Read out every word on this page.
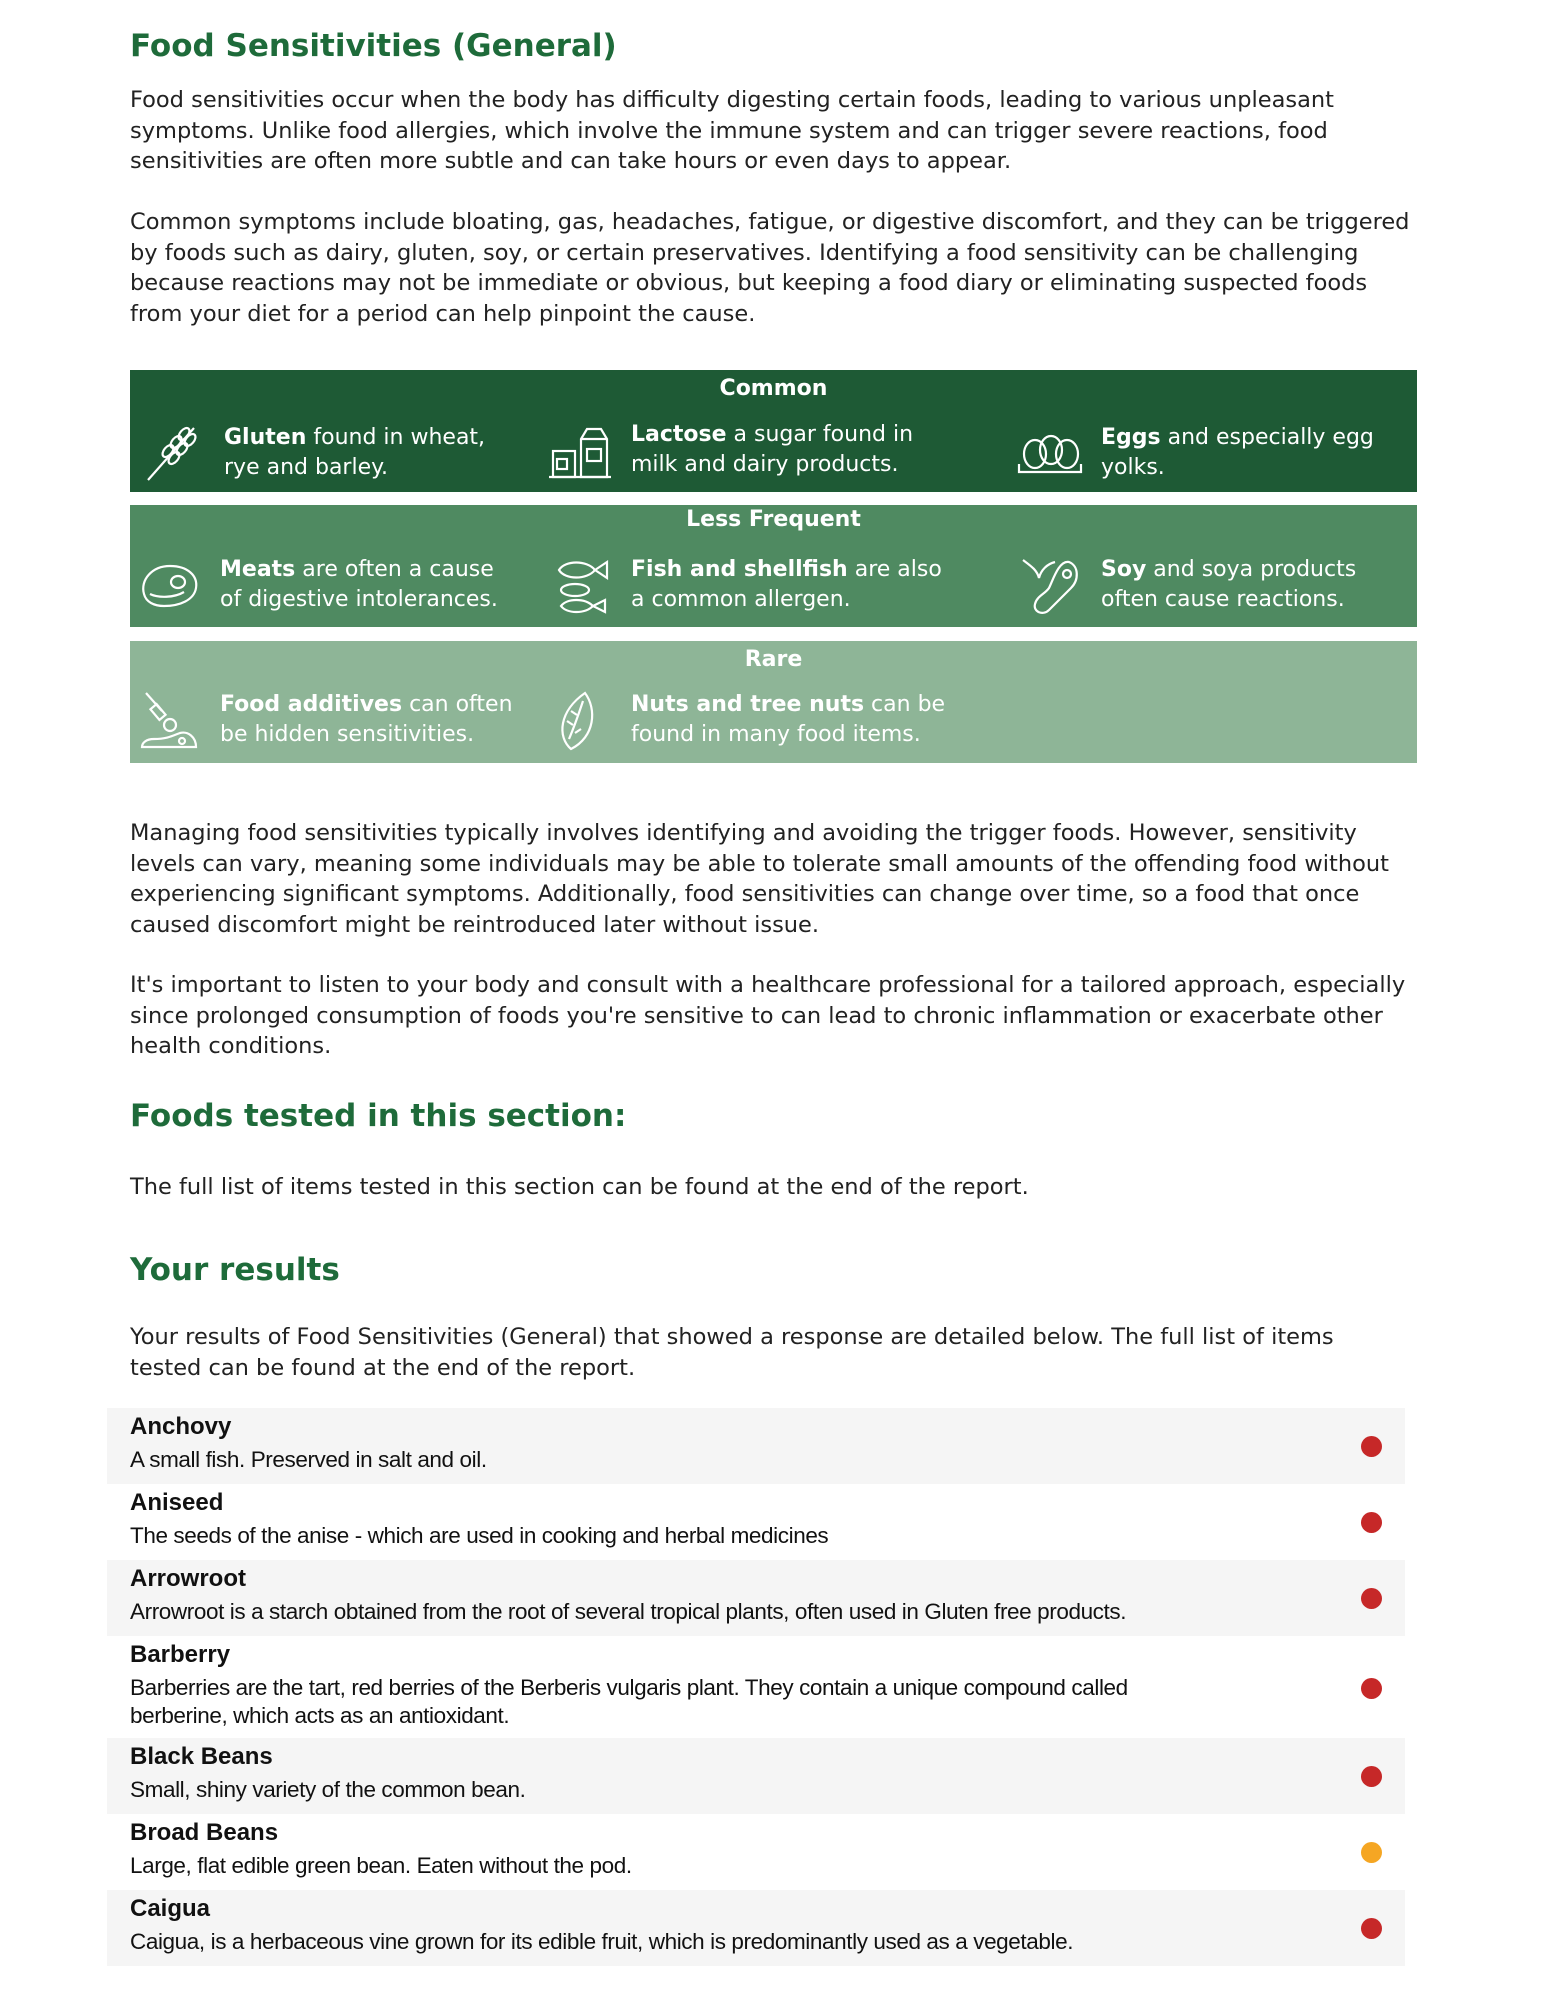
Food Sensitivities (General)

Food sensitivities occur when the body has difficulty digesting certain foods, leading to various unpleasant symptoms. Unlike food allergies, which involve the immune system and can trigger severe reactions, food sensitivities are often more subtle and can take hours or even days to appear.

Common symptoms include bloating, gas, headaches, fatigue, or digestive discomfort, and they can be triggered by foods such as dairy, gluten, soy, or certain preservatives. Identifying a food sensitivity can be challenging because reactions may not be immediate or obvious, but keeping a food diary or eliminating suspected foods from your diet for a period can help pinpoint the cause.

Common
Gluten found in wheat, rye and barley.
Lactose a sugar found in milk and dairy products.
Eggs and especially egg yolks.
Less Frequent
Meats are often a cause of digestive intolerances.
Fish and shellfish are also a common allergen.
Soy and soya products often cause reactions.
Rare
Food additives can often be hidden sensitivities.
Nuts and tree nuts can be found in many food items.

Managing food sensitivities typically involves identifying and avoiding the trigger foods. However, sensitivity levels can vary, meaning some individuals may be able to tolerate small amounts of the offending food without experiencing significant symptoms. Additionally, food sensitivities can change over time, so a food that once caused discomfort might be reintroduced later without issue.

It's important to listen to your body and consult with a healthcare professional for a tailored approach, especially since prolonged consumption of foods you're sensitive to can lead to chronic inflammation or exacerbate other health conditions.

Foods tested in this section:

The full list of items tested in this section can be found at the end of the report.

Your results

Your results of Food Sensitivities (General) that showed a response are detailed below. The full list of items tested can be found at the end of the report.

Anchovy
A small fish. Preserved in salt and oil.
Aniseed
The seeds of the anise - which are used in cooking and herbal medicines
Arrowroot
Arrowroot is a starch obtained from the root of several tropical plants, often used in Gluten free products.
Barberry
Barberries are the tart, red berries of the Berberis vulgaris plant. They contain a unique compound called berberine, which acts as an antioxidant.
Black Beans
Small, shiny variety of the common bean.
Broad Beans
Large, flat edible green bean. Eaten without the pod.
Caigua
Caigua, is a herbaceous vine grown for its edible fruit, which is predominantly used as a vegetable.
